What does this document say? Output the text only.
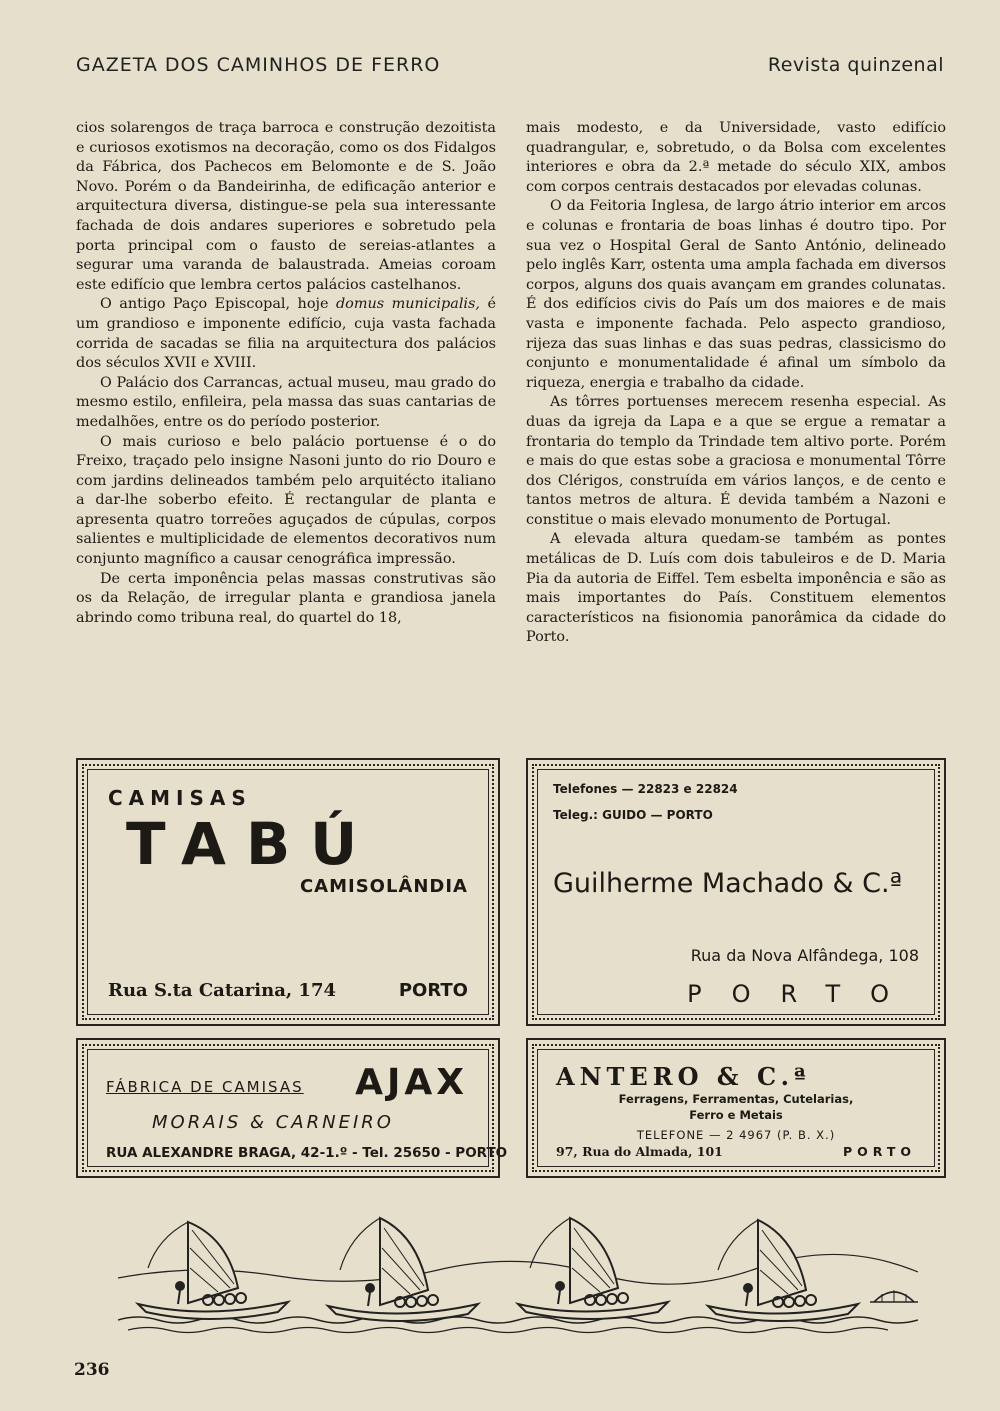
GAZETA DOS CAMINHOS DE FERRO	Revista quinzenal

cios solarengos de traça barroca e construção dezoitista e curiosos exotismos na decoração, como os dos Fidalgos da Fábrica, dos Pachecos em Belomonte e de S. João Novo. Porém o da Bandeirinha, de edificação anterior e arquitectura diversa, distingue-se pela sua interessante fachada de dois andares superiores e sobretudo pela porta principal com o fausto de sereias-atlantes a segurar uma varanda de balaustrada. Ameias coroam este edifício que lembra certos palácios castelhanos.

O antigo Paço Episcopal, hoje domus municipalis, é um grandioso e imponente edifício, cuja vasta fachada corrida de sacadas se filia na arquitectura dos palácios dos séculos XVII e XVIII.

O Palácio dos Carrancas, actual museu, mau grado do mesmo estilo, enfileira, pela massa das suas cantarias de medalhões, entre os do período posterior.

O mais curioso e belo palácio portuense é o do Freixo, traçado pelo insigne Nasoni junto do rio Douro e com jardins delineados também pelo arquitécto italiano a dar-lhe soberbo efeito. É rectangular de planta e apresenta quatro torreões aguçados de cúpulas, corpos salientes e multiplicidade de elementos decorativos num conjunto magnífico a causar cenográfica impressão.

De certa imponência pelas massas construtivas são os da Relação, de irregular planta e grandiosa janela abrindo como tribuna real, do quartel do 18,

mais modesto, e da Universidade, vasto edifício quadrangular, e, sobretudo, o da Bolsa com excelentes interiores e obra da 2.ª metade do século XIX, ambos com corpos centrais destacados por elevadas colunas.

O da Feitoria Inglesa, de largo átrio interior em arcos e colunas e frontaria de boas linhas é doutro tipo. Por sua vez o Hospital Geral de Santo António, delineado pelo inglês Karr, ostenta uma ampla fachada em diversos corpos, alguns dos quais avançam em grandes colunatas. É dos edifícios civis do País um dos maiores e de mais vasta e imponente fachada. Pelo aspecto grandioso, rijeza das suas linhas e das suas pedras, classicismo do conjunto e monumentalidade é afinal um símbolo da riqueza, energia e trabalho da cidade.

As tôrres portuenses merecem resenha especial. As duas da igreja da Lapa e a que se ergue a rematar a frontaria do templo da Trindade tem altivo porte. Porém e mais do que estas sobe a graciosa e monumental Tôrre dos Clérigos, construída em vários lanços, e de cento e tantos metros de altura. É devida também a Nazoni e constitue o mais elevado monumento de Portugal.

A elevada altura quedam-se também as pontes metálicas de D. Luís com dois tabuleiros e de D. Maria Pia da autoria de Eiffel. Tem esbelta imponência e são as mais importantes do País. Constituem elementos característicos na fisionomia panorâmica da cidade do Porto.

CAMISAS
TABÚ
CAMISOLÂNDIA
Rua S.ta Catarina, 174	PORTO
Telefones — 22823 e 22824
Teleg.: GUIDO — PORTO
Guilherme Machado & C.ª
Rua da Nova Alfândega, 108
PORTO
FÁBRICA DE CAMISAS AJAX
MORAIS & CARNEIRO
RUA ALEXANDRE BRAGA, 42-1.º - Tel. 25650 - PORTO
ANTERO & C.ª
Ferragens, Ferramentas, Cutelarias,
Ferro e Metais
TELEFONE — 2 4967 (P. B. X.)
97, Rua do Almada, 101	PORTO
236
